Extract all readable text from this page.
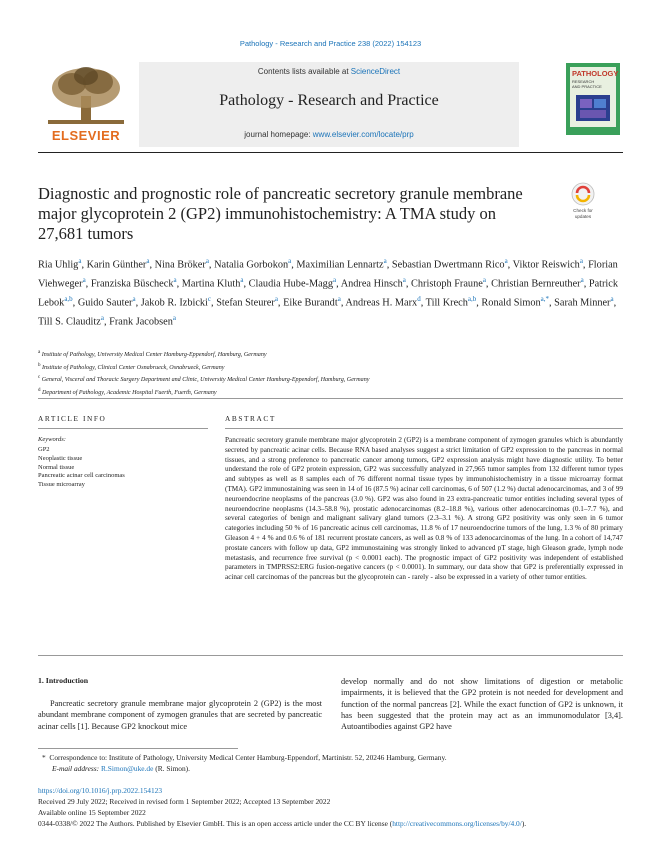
Pathology - Research and Practice 238 (2022) 154123
ELSEVIER
Contents lists available at ScienceDirect
Pathology - Research and Practice
journal homepage: www.elsevier.com/locate/prp
PATHOLOGY
RESEARCH
AND PRACTICE
Diagnostic and prognostic role of pancreatic secretory granule membrane major glycoprotein 2 (GP2) immunohistochemistry: A TMA study on 27,681 tumors
Check for
updates
Ria Uhlig$^a$, Karin Günther$^a$, Nina Bröker$^a$, Natalia Gorbokon$^a$, Maximilian Lennartz$^a$, Sebastian Dwertmann Rico$^a$, Viktor Reiswich$^a$, Florian Viehweger$^a$, Franziska Büscheck$^a$, Martina Kluth$^a$, Claudia Hube-Magg$^a$, Andrea Hinsch$^a$, Christoph Fraune$^a$, Christian Bernreuther$^a$, Patrick Lebok$^{a,b}$, Guido Sauter$^a$, Jakob R. Izbicki$^c$, Stefan Steurer$^a$, Eike Burandt$^a$, Andreas H. Marx$^d$, Till Krech$^{a,b}$, Ronald Simon$^{a,*}$, Sarah Minner$^a$, Till S. Clauditz$^a$, Frank Jacobsen$^a$
$^a$ Institute of Pathology, University Medical Center Hamburg-Eppendorf, Hamburg, Germany
$^b$ Institute of Pathology, Clinical Center Osnabrueck, Osnabrueck, Germany
$^c$ General, Visceral and Thoracic Surgery Department and Clinic, University Medical Center Hamburg-Eppendorf, Hamburg, Germany
$^d$ Department of Pathology, Academic Hospital Fuerth, Fuerth, Germany
ARTICLE INFO
Keywords:
GP2
Neoplastic tissue
Normal tissue
Pancreatic acinar cell carcinomas
Tissue microarray
ABSTRACT
Pancreatic secretory granule membrane major glycoprotein 2 (GP2) is a membrane component of zymogen granules which is abundantly secreted by pancreatic acinar cells. Because RNA based analyses suggest a strict limitation of GP2 expression to the pancreas in normal tissues, and a strong preference to pancreatic cancer among tumors, GP2 expression analysis might have diagnostic utility. To better understand the role of GP2 protein expression, GP2 was successfully analyzed in 27,965 tumor samples from 132 different tumor types and subtypes as well as 8 samples each of 76 different normal tissue types by immunohistochemistry in a tissue microarray format (TMA). GP2 immunostaining was seen in 14 of 16 (87.5 %) acinar cell carcinomas, 6 of 507 (1.2 %) ductal adenocarcinomas, and 3 of 99 neuroendocrine neoplasms of the pancreas (3.0 %). GP2 was also found in 23 extra-pancreatic tumor entities including several types of neuroendocrine neoplasms (14.3–58.8 %), prostatic adenocarcinomas (8.2–18.8 %), various other adenocarcinomas (0.1–7.7 %), and several categories of benign and malignant salivary gland tumors (2.3–3.1 %). A strong GP2 positivity was only seen in 6 tumor categories including 50 % of 16 pancreatic acinus cell carcinomas, 11.8 % of 17 neuroendocrine tumors of the lung, 1.3 % of 80 primary Gleason 4 + 4 % and 0.6 % of 181 recurrent prostate cancers, as well as 0.8 % of 133 adenocarcinomas of the lung. In a cohort of 14,747 prostate cancers with follow up data, GP2 immunostaining was strongly linked to advanced pT stage, high Gleason grade, lymph node metastasis, and recurrence free survival (p < 0.0001 each). The prognostic impact of GP2 positivity was independent of established parameters in TMPRSS2:ERG fusion-negative cancers (p < 0.0001). In summary, our data show that GP2 is preferentially expressed in acinar cell carcinomas of the pancreas but the glycoprotein can - rarely - also be expressed in a variety of other tumor entities.
1. Introduction
Pancreatic secretory granule membrane major glycoprotein 2 (GP2) is the most abundant membrane component of zymogen granules that are secreted by pancreatic acinar cells [1]. Because GP2 knockout mice
develop normally and do not show limitations of digestion or metabolic impairments, it is believed that the GP2 protein is not needed for development and function of the normal pancreas [2]. While the exact function of GP2 is unknown, it has been suggested that the protein may act as an immunomodulator [3,4]. Autoantibodies against GP2 have
*  Correspondence to: Institute of Pathology, University Medical Center Hamburg-Eppendorf, Martinistr. 52, 20246 Hamburg, Germany.
E-mail address: R.Simon@uke.de (R. Simon).
https://doi.org/10.1016/j.prp.2022.154123
Received 29 July 2022; Received in revised form 1 September 2022; Accepted 13 September 2022
Available online 15 September 2022
0344-0338/© 2022 The Authors. Published by Elsevier GmbH. This is an open access article under the CC BY license (http://creativecommons.org/licenses/by/4.0/).
